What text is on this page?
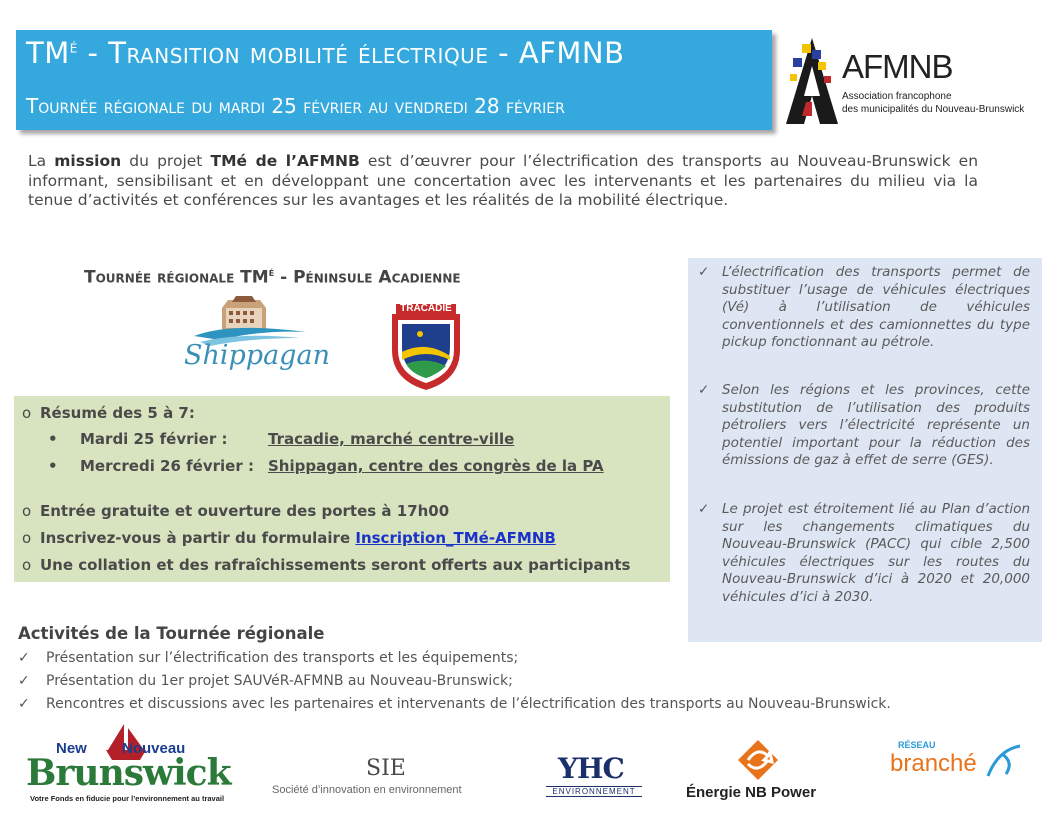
$TM^é$ - Transition mobilité électrique - AFMNB
Tournée régionale du mardi 25 février au vendredi 28 février
AFMNB
Association francophone
des municipalités du Nouveau-Brunswick
La mission du projet TMé de l’AFMNB est d’œuvrer pour l’électrification des transports au Nouveau-Brunswick en informant, sensibilisant et en développant une concertation avec les intervenants et les partenaires du milieu via la tenue d’activités et conférences sur les avantages et les réalités de la mobilité électrique.
Tournée régionale $TM^é$ - Péninsule Acadienne
Shippagan
TRACADIE
o Résumé des 5 à 7:
• Mardi 25 février :	Tracadie, marché centre-ville
• Mercredi 26 février : Shippagan, centre des congrès de la PA
o Entrée gratuite et ouverture des portes à 17h00
o Inscrivez-vous à partir du formulaire Inscription_TMé-AFMNB
o Une collation et des rafraîchissements seront offerts aux participants
✓ L’électrification des transports permet de substituer l’usage de véhicules électriques (Vé) à l’utilisation de véhicules conventionnels et des camionnettes du type pickup fonctionnant au pétrole.
✓ Selon les régions et les provinces, cette substitution de l’utilisation des produits pétroliers vers l’électricité représente un potentiel important pour la réduction des émissions de gaz à effet de serre (GES).
✓ Le projet est étroitement lié au Plan d’action sur les changements climatiques du Nouveau-Brunswick (PACC) qui cible 2,500 véhicules électriques sur les routes du Nouveau-Brunswick d’ici à 2020 et 20,000 véhicules d’ici à 2030.
Activités de la Tournée régionale
✓ Présentation sur l’électrification des transports et les équipements;
✓ Présentation du 1er projet SAUVéR-AFMNB au Nouveau-Brunswick;
✓ Rencontres et discussions avec les partenaires et intervenants de l’électrification des transports au Nouveau-Brunswick.
New Nouveau
Brunswick
Votre Fonds en fiducie pour l’environnement au travail
SIE
Société d’innovation en environnement
YHC
ENVIRONNEMENT	Énergie NB Power
RÉSEAU
branché
